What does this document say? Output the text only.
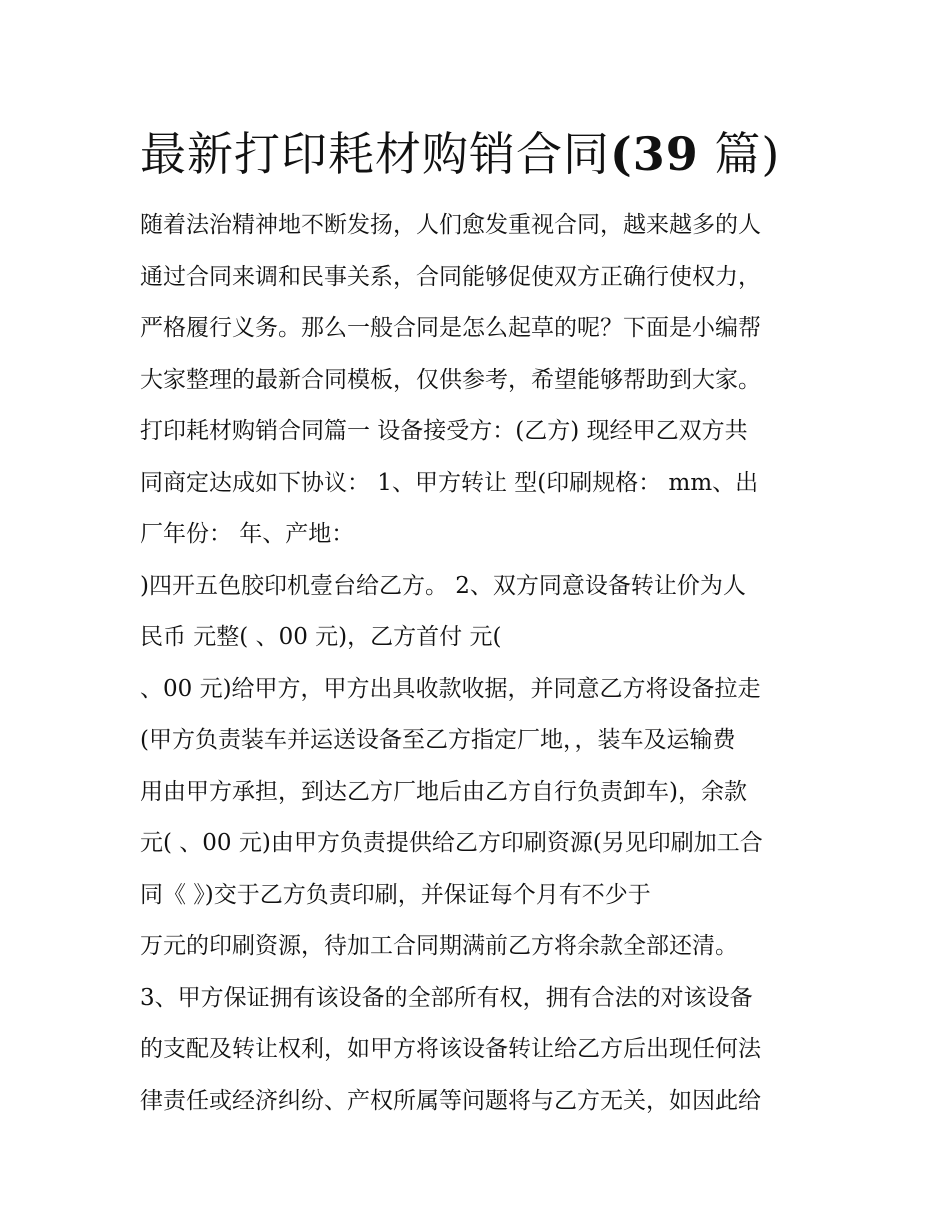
最新打印耗材购销合同(39 篇)
随着法治精神地不断发扬，人们愈发重视合同，越来越多的人
通过合同来调和民事关系，合同能够促使双方正确行使权力，
严格履行义务。那么一般合同是怎么起草的呢？下面是小编帮
大家整理的最新合同模板，仅供参考，希望能够帮助到大家。
打印耗材购销合同篇一 设备接受方：(乙方) 现经甲乙双方共
同商定达成如下协议： 1、甲方转让 型(印刷规格： mm、出
厂年份： 年、产地：
)四开五色胶印机壹台给乙方。 2、双方同意设备转让价为人
民币 元整( 、00 元)，乙方首付 元(
、00 元)给甲方，甲方出具收款收据，并同意乙方将设备拉走
(甲方负责装车并运送设备至乙方指定厂地，，装车及运输费
用由甲方承担，到达乙方厂地后由乙方自行负责卸车)，余款
元( 、00 元)由甲方负责提供给乙方印刷资源(另见印刷加工合
同《 》)交于乙方负责印刷，并保证每个月有不少于
万元的印刷资源，待加工合同期满前乙方将余款全部还清。
3、甲方保证拥有该设备的全部所有权，拥有合法的对该设备
的支配及转让权利，如甲方将该设备转让给乙方后出现任何法
律责任或经济纠纷、产权所属等问题将与乙方无关，如因此给
